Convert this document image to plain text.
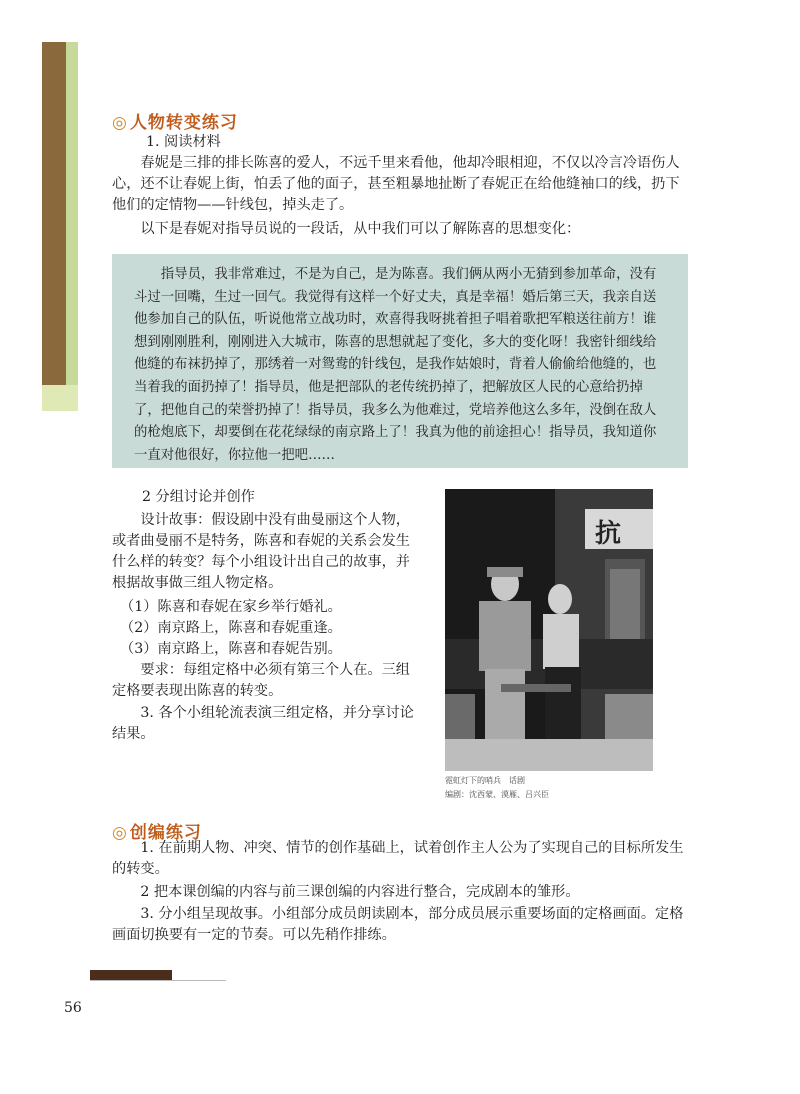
◎ 人物转变练习

1. 阅读材料

春妮是三排的排长陈喜的爱人，不远千里来看他，他却冷眼相迎，不仅以冷言冷语伤人心，还不让春妮上街，怕丢了他的面子，甚至粗暴地扯断了春妮正在给他缝袖口的线，扔下他们的定情物——针线包，掉头走了。

以下是春妮对指导员说的一段话，从中我们可以了解陈喜的思想变化：

指导员，我非常难过，不是为自己，是为陈喜。我们俩从两小无猜到参加革命，没有斗过一回嘴，生过一回气。我觉得有这样一个好丈夫，真是幸福！婚后第三天，我亲自送他参加自己的队伍，听说他常立战功时，欢喜得我呀挑着担子唱着歌把军粮送往前方！谁想到刚刚胜利，刚刚进入大城市，陈喜的思想就起了变化，多大的变化呀！我密针细线给他缝的布袜扔掉了，那绣着一对鸳鸯的针线包，是我作姑娘时，背着人偷偷给他缝的，也当着我的面扔掉了！指导员，他是把部队的老传统扔掉了，把解放区人民的心意给扔掉了，把他自己的荣誉扔掉了！指导员，我多么为他难过，党培养他这么多年，没倒在敌人的枪炮底下，却要倒在花花绿绿的南京路上了！我真为他的前途担心！指导员，我知道你一直对他很好，你拉他一把吧……

2 分组讨论并创作

设计故事：假设剧中没有曲曼丽这个人物，或者曲曼丽不是特务，陈喜和春妮的关系会发生什么样的转变？每个小组设计出自己的故事，并根据故事做三组人物定格。

（1）陈喜和春妮在家乡举行婚礼。

（2）南京路上，陈喜和春妮重逢。

（3）南京路上，陈喜和春妮告别。

要求：每组定格中必须有第三个人在。三组定格要表现出陈喜的转变。

3. 各个小组轮流表演三组定格，并分享讨论结果。

抗
霓虹灯下的哨兵　话剧
编剧：沈西蒙、漠雁、吕兴臣
◎ 创编练习

1. 在前期人物、冲突、情节的创作基础上，试着创作主人公为了实现自己的目标所发生的转变。

2 把本课创编的内容与前三课创编的内容进行整合，完成剧本的雏形。

3. 分小组呈现故事。小组部分成员朗读剧本，部分成员展示重要场面的定格画面。定格画面切换要有一定的节奏。可以先稍作排练。

56
